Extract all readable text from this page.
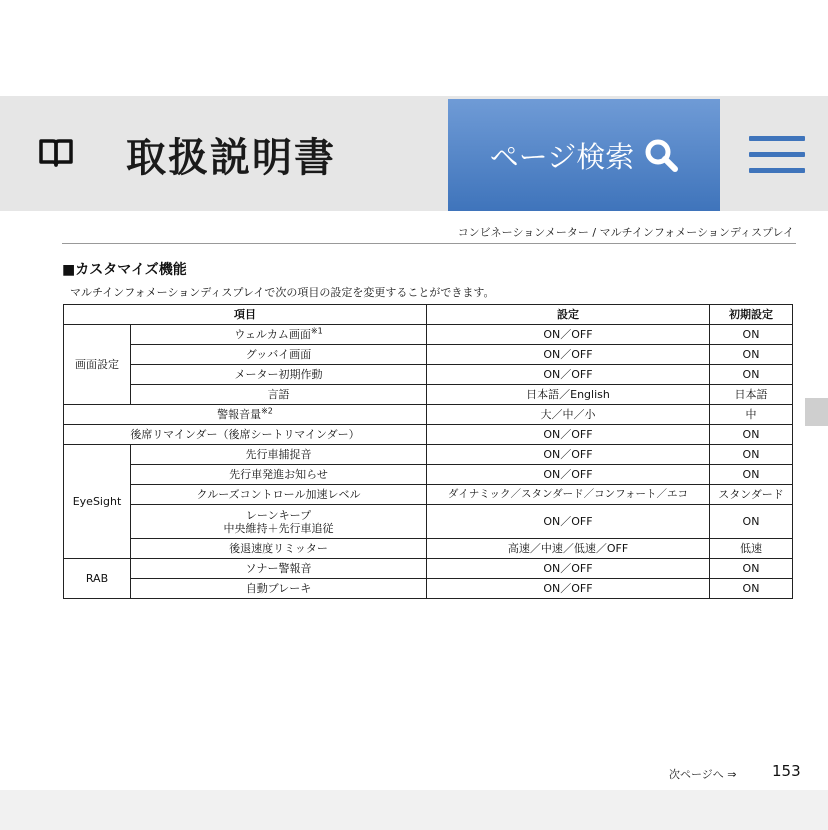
取扱説明書	ページ検索
コンビネーションメーター / マルチインフォメーションディスプレイ
■カスタマイズ機能
マルチインフォメーションディスプレイで次の項目の設定を変更することができます。
項目		設定	初期設定
画面設定	ウェルカム画面$^{※1}$	ON／OFF	ON
	グッバイ画面	ON／OFF	ON
	メーター初期作動	ON／OFF	ON
	言語	日本語／English	日本語
警報音量$^{※2}$		大／中／小	中
後席リマインダー（後席シートリマインダー）		ON／OFF	ON
EyeSight	先行車捕捉音	ON／OFF	ON
	先行車発進お知らせ	ON／OFF	ON
	クルーズコントロール加速レベル	ダイナミック／スタンダード／コンフォート／エコ	スタンダード

	レーンキープ
中央維持＋先行車追従	ON／OFF	ON
	後退速度リミッター	高速／中速／低速／OFF	低速
RAB	ソナー警報音	ON／OFF	ON
	自動ブレーキ	ON／OFF	ON
次ページへ ⇒ 153
